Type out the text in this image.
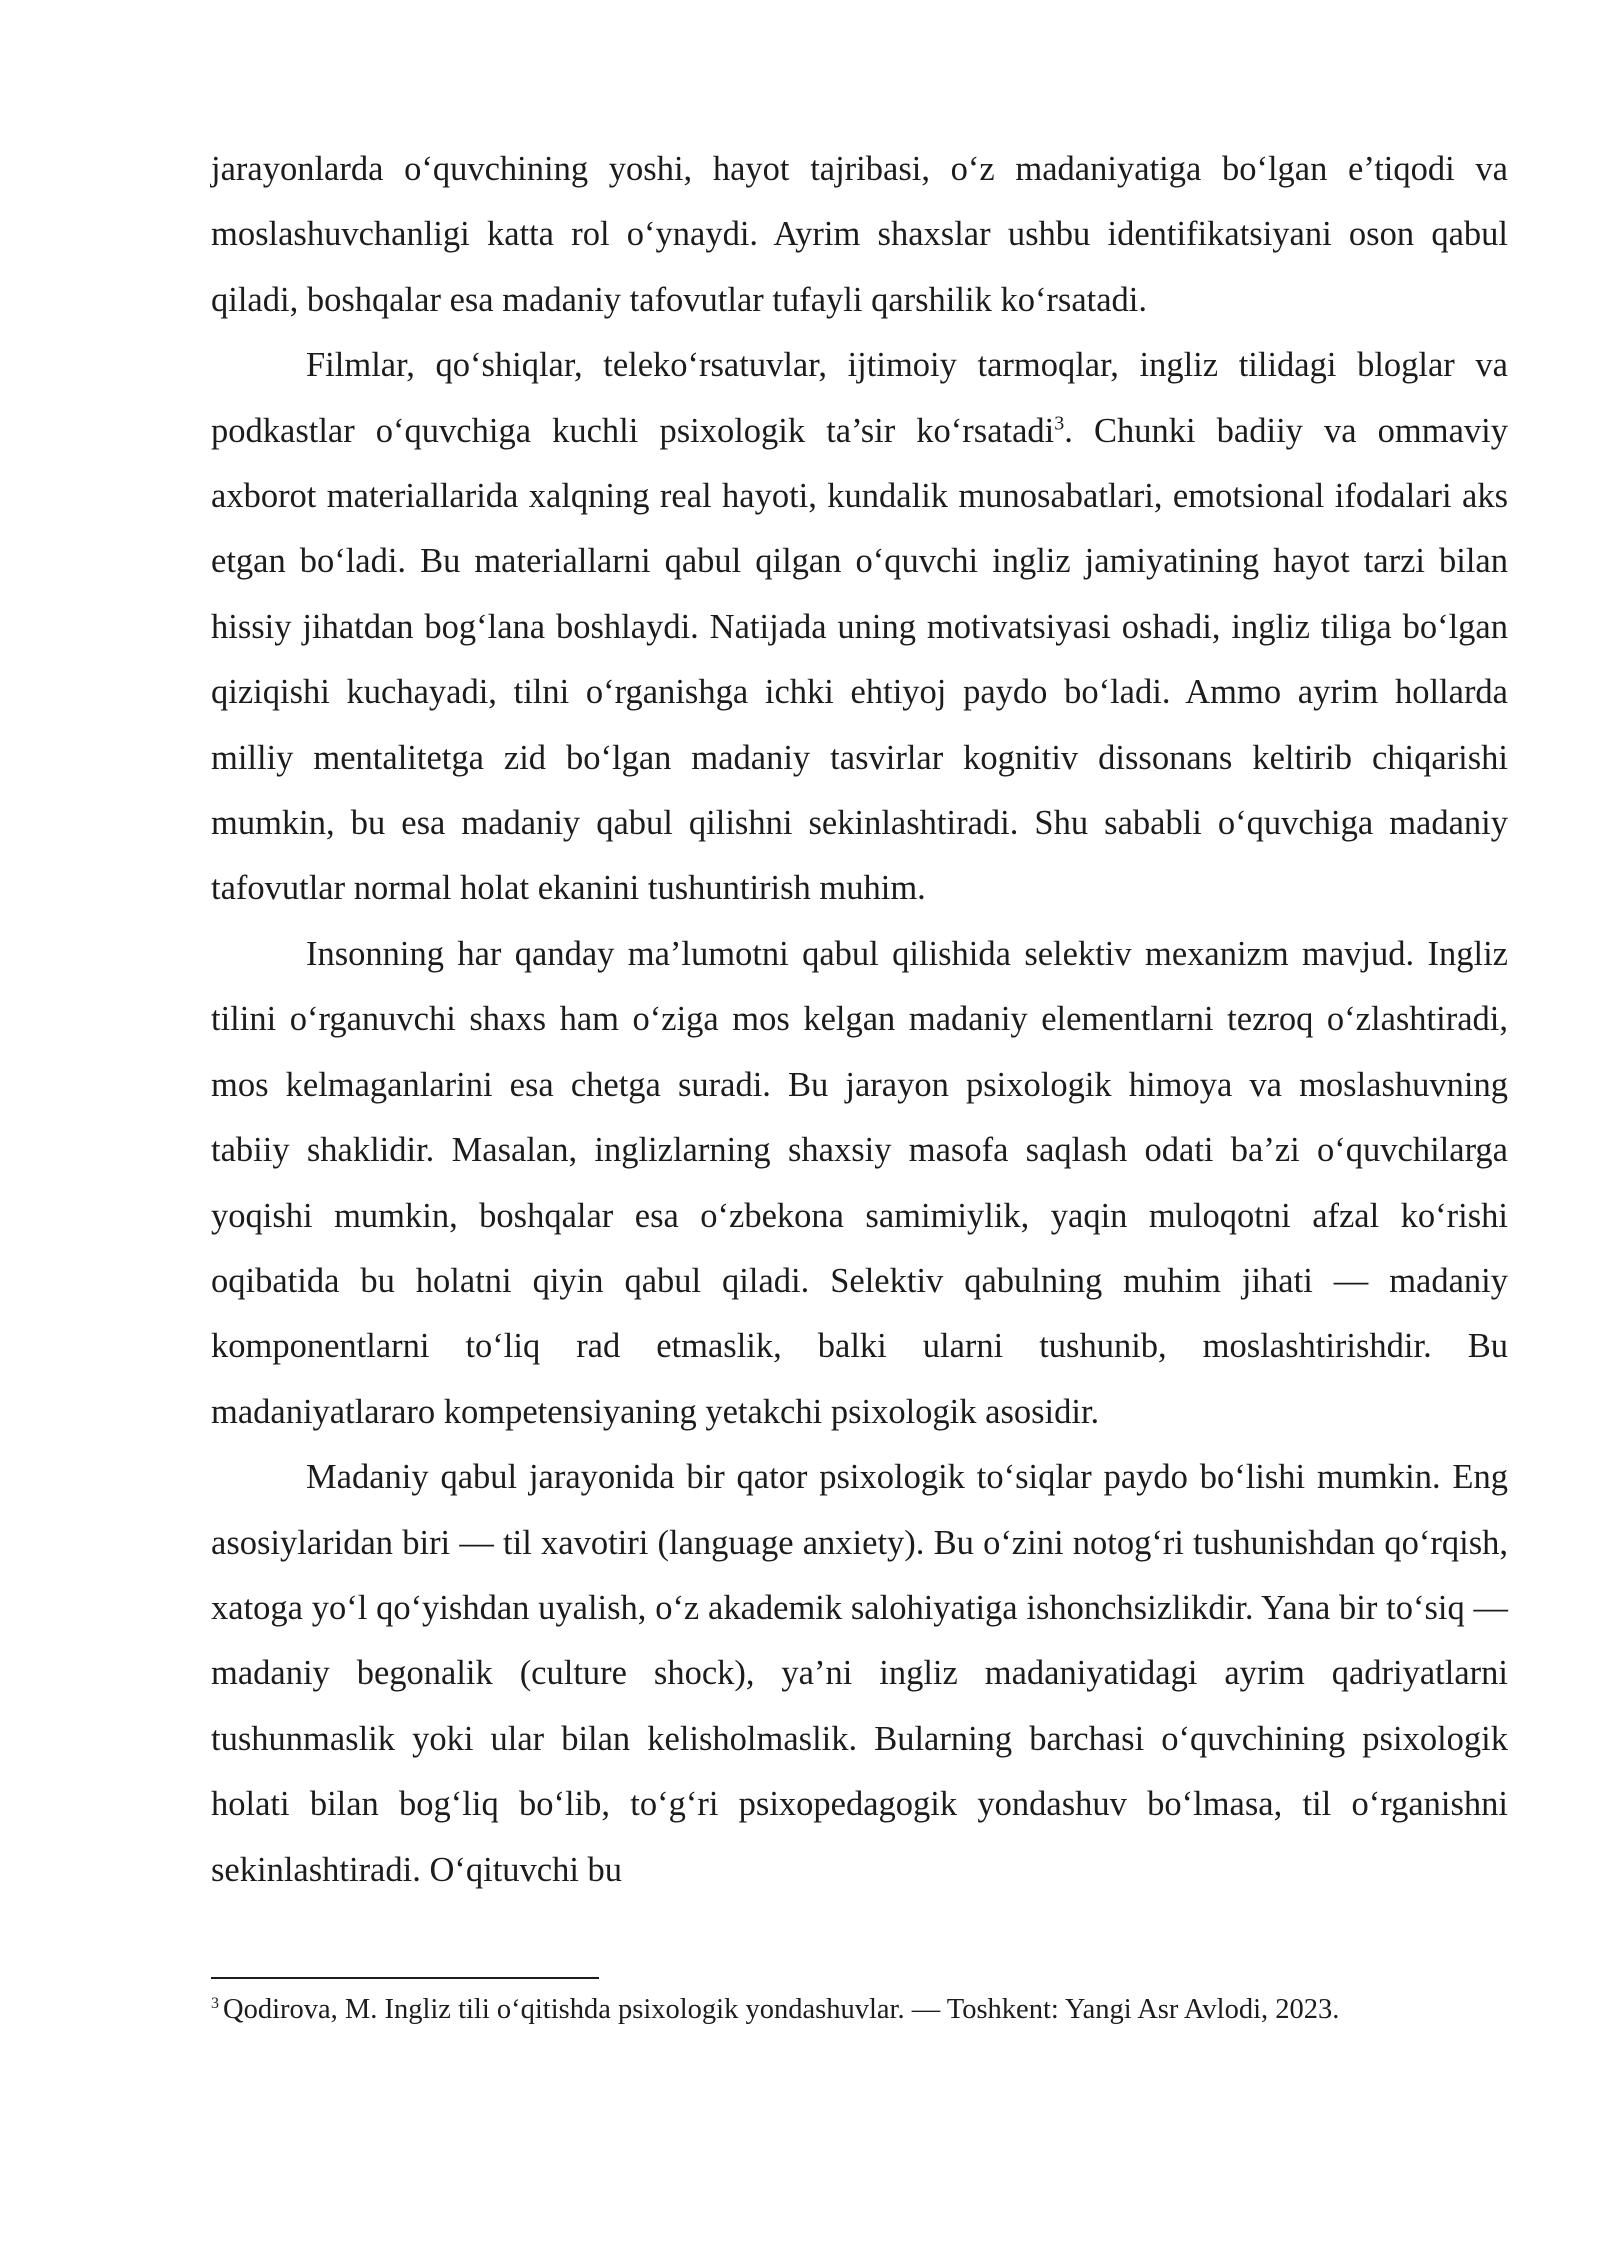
jarayonlarda o‘quvchining yoshi, hayot tajribasi, o‘z madaniyatiga bo‘lgan e’tiqodi va moslashuvchanligi katta rol o‘ynaydi. Ayrim shaxslar ushbu identifikatsiyani oson qabul qiladi, boshqalar esa madaniy tafovutlar tufayli qarshilik ko‘rsatadi.

Filmlar, qo‘shiqlar, teleko‘rsatuvlar, ijtimoiy tarmoqlar, ingliz tilidagi bloglar va podkastlar o‘quvchiga kuchli psixologik ta’sir ko‘rsatadi$^3$. Chunki badiiy va ommaviy axborot materiallarida xalqning real hayoti, kundalik munosabatlari, emotsional ifodalari aks etgan bo‘ladi. Bu materiallarni qabul qilgan o‘quvchi ingliz jamiyatining hayot tarzi bilan hissiy jihatdan bog‘lana boshlaydi. Natijada uning motivatsiyasi oshadi, ingliz tiliga bo‘lgan qiziqishi kuchayadi, tilni o‘rganishga ichki ehtiyoj paydo bo‘ladi. Ammo ayrim hollarda milliy mentalitetga zid bo‘lgan madaniy tasvirlar kognitiv dissonans keltirib chiqarishi mumkin, bu esa madaniy qabul qilishni sekinlashtiradi. Shu sababli o‘quvchiga madaniy tafovutlar normal holat ekanini tushuntirish muhim.

Insonning har qanday ma’lumotni qabul qilishida selektiv mexanizm mavjud. Ingliz tilini o‘rganuvchi shaxs ham o‘ziga mos kelgan madaniy elementlarni tezroq o‘zlashtiradi, mos kelmaganlarini esa chetga suradi. Bu jarayon psixologik himoya va moslashuvning tabiiy shaklidir. Masalan, inglizlarning shaxsiy masofa saqlash odati ba’zi o‘quvchilarga yoqishi mumkin, boshqalar esa o‘zbekona samimiylik, yaqin muloqotni afzal ko‘rishi oqibatida bu holatni qiyin qabul qiladi. Selektiv qabulning muhim jihati — madaniy komponentlarni to‘liq rad etmaslik, balki ularni tushunib, moslashtirishdir. Bu madaniyatlararo kompetensiyaning yetakchi psixologik asosidir.

Madaniy qabul jarayonida bir qator psixologik to‘siqlar paydo bo‘lishi mumkin. Eng asosiylaridan biri — til xavotiri (language anxiety). Bu o‘zini notog‘ri tushunishdan qo‘rqish, xatoga yo‘l qo‘yishdan uyalish, o‘z akademik salohiyatiga ishonchsizlikdir. Yana bir to‘siq — madaniy begonalik (culture shock), ya’ni ingliz madaniyatidagi ayrim qadriyatlarni tushunmaslik yoki ular bilan kelisholmaslik. Bularning barchasi o‘quvchining psixologik holati bilan bog‘liq bo‘lib, to‘g‘ri psixopedagogik yondashuv bo‘lmasa, til o‘rganishni sekinlashtiradi. O‘qituvchi bu

$^3$ Qodirova, M. Ingliz tili o‘qitishda psixologik yondashuvlar. — Toshkent: Yangi Asr Avlodi, 2023.
